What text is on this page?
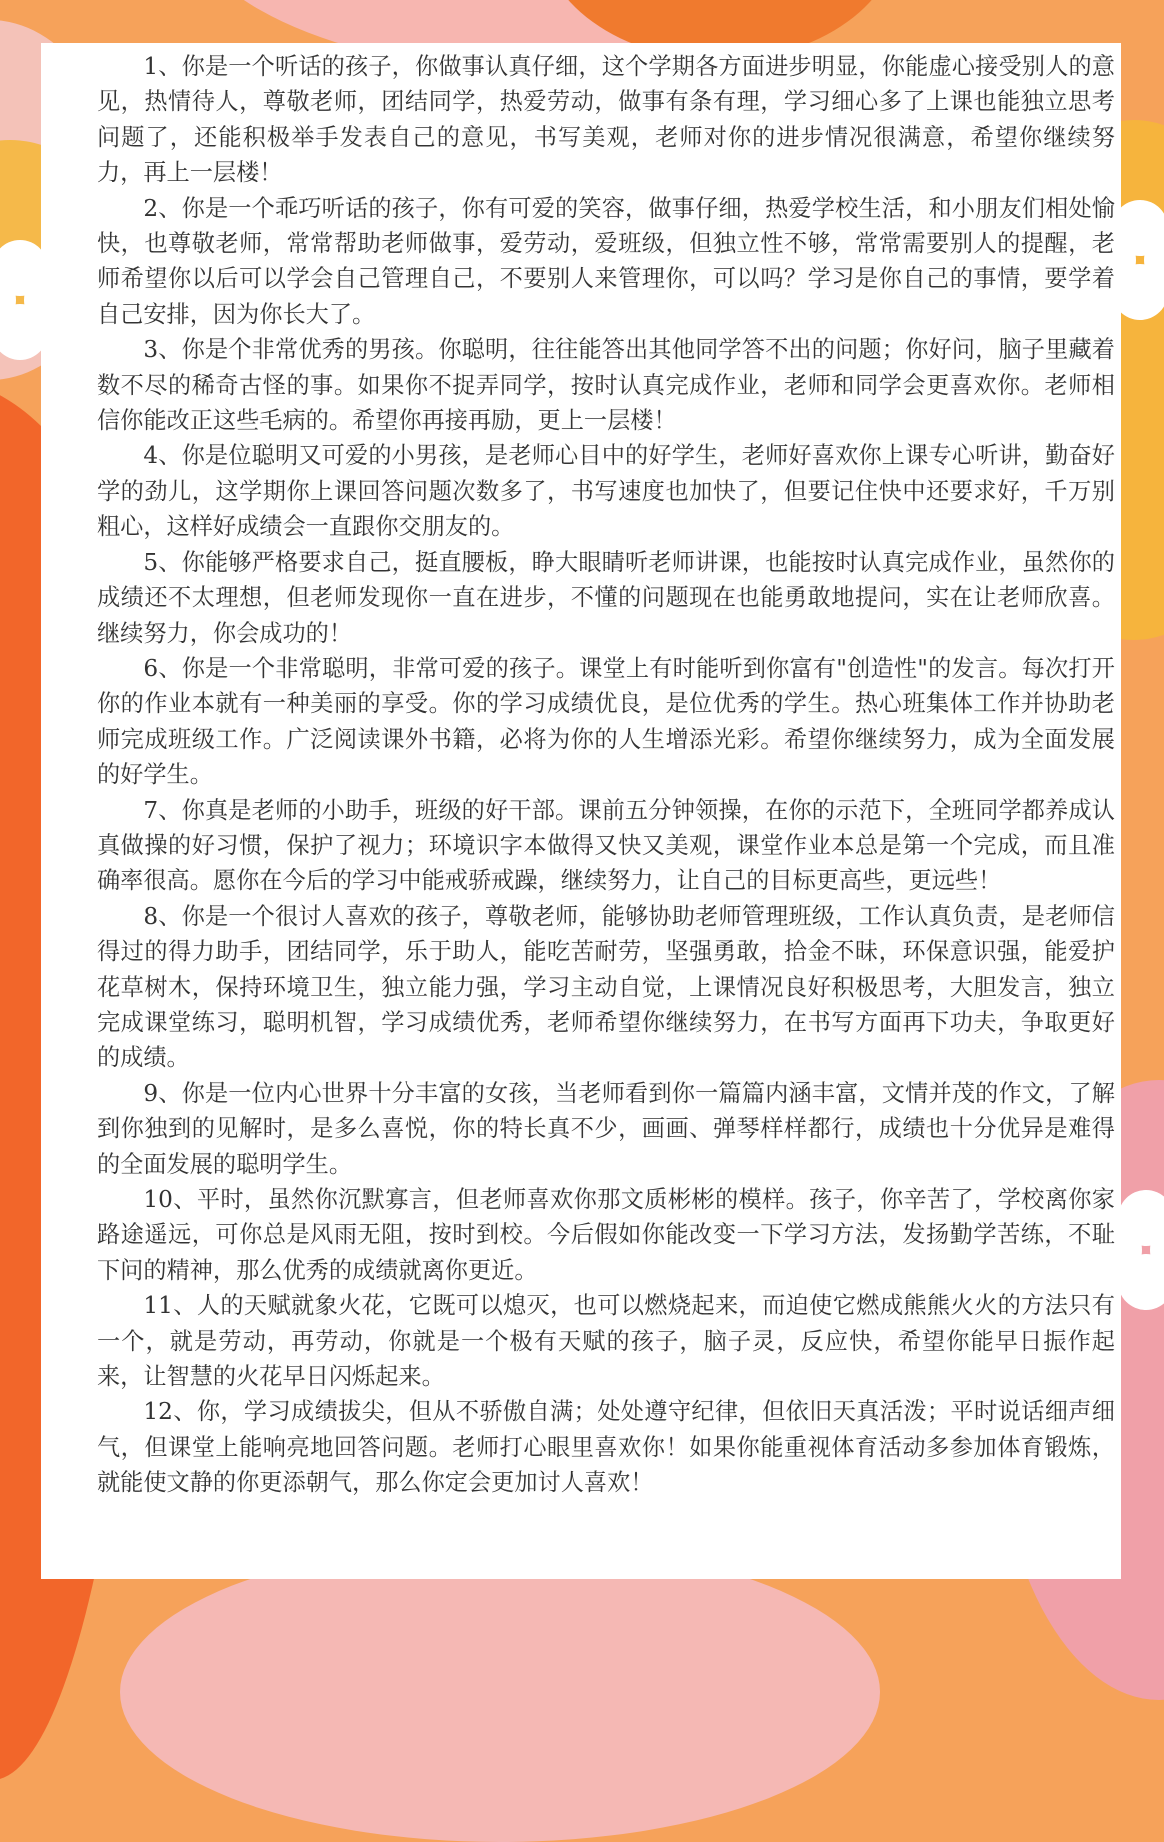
1、你是一个听话的孩子，你做事认真仔细，这个学期各方面进步明显，你能虚心接受别人的意见，热情待人，尊敬老师，团结同学，热爱劳动，做事有条有理，学习细心多了上课也能独立思考问题了，还能积极举手发表自己的意见，书写美观，老师对你的进步情况很满意，希望你继续努力，再上一层楼！

2、你是一个乖巧听话的孩子，你有可爱的笑容，做事仔细，热爱学校生活，和小朋友们相处愉快，也尊敬老师，常常帮助老师做事，爱劳动，爱班级，但独立性不够，常常需要别人的提醒，老师希望你以后可以学会自己管理自己，不要别人来管理你，可以吗？学习是你自己的事情，要学着自己安排，因为你长大了。

3、你是个非常优秀的男孩。你聪明，往往能答出其他同学答不出的问题；你好问，脑子里藏着数不尽的稀奇古怪的事。如果你不捉弄同学，按时认真完成作业，老师和同学会更喜欢你。老师相信你能改正这些毛病的。希望你再接再励，更上一层楼！

4、你是位聪明又可爱的小男孩，是老师心目中的好学生，老师好喜欢你上课专心听讲，勤奋好学的劲儿，这学期你上课回答问题次数多了，书写速度也加快了，但要记住快中还要求好，千万别粗心，这样好成绩会一直跟你交朋友的。

5、你能够严格要求自己，挺直腰板，睁大眼睛听老师讲课，也能按时认真完成作业，虽然你的成绩还不太理想，但老师发现你一直在进步，不懂的问题现在也能勇敢地提问，实在让老师欣喜。继续努力，你会成功的！

6、你是一个非常聪明，非常可爱的孩子。课堂上有时能听到你富有"创造性"的发言。每次打开你的作业本就有一种美丽的享受。你的学习成绩优良，是位优秀的学生。热心班集体工作并协助老师完成班级工作。广泛阅读课外书籍，必将为你的人生增添光彩。希望你继续努力，成为全面发展的好学生。

7、你真是老师的小助手，班级的好干部。课前五分钟领操，在你的示范下，全班同学都养成认真做操的好习惯，保护了视力；环境识字本做得又快又美观，课堂作业本总是第一个完成，而且准确率很高。愿你在今后的学习中能戒骄戒躁，继续努力，让自己的目标更高些，更远些！

8、你是一个很讨人喜欢的孩子，尊敬老师，能够协助老师管理班级，工作认真负责，是老师信得过的得力助手，团结同学，乐于助人，能吃苦耐劳，坚强勇敢，拾金不昧，环保意识强，能爱护花草树木，保持环境卫生，独立能力强，学习主动自觉，上课情况良好积极思考，大胆发言，独立完成课堂练习，聪明机智，学习成绩优秀，老师希望你继续努力，在书写方面再下功夫，争取更好的成绩。

9、你是一位内心世界十分丰富的女孩，当老师看到你一篇篇内涵丰富，文情并茂的作文，了解到你独到的见解时，是多么喜悦，你的特长真不少，画画、弹琴样样都行，成绩也十分优异是难得的全面发展的聪明学生。

10、平时，虽然你沉默寡言，但老师喜欢你那文质彬彬的模样。孩子，你辛苦了，学校离你家路途遥远，可你总是风雨无阻，按时到校。今后假如你能改变一下学习方法，发扬勤学苦练，不耻下问的精神，那么优秀的成绩就离你更近。

11、人的天赋就象火花，它既可以熄灭，也可以燃烧起来，而迫使它燃成熊熊火火的方法只有一个，就是劳动，再劳动，你就是一个极有天赋的孩子，脑子灵，反应快，希望你能早日振作起来，让智慧的火花早日闪烁起来。

12、你，学习成绩拔尖，但从不骄傲自满；处处遵守纪律，但依旧天真活泼；平时说话细声细气，但课堂上能响亮地回答问题。老师打心眼里喜欢你！如果你能重视体育活动多参加体育锻炼，就能使文静的你更添朝气，那么你定会更加讨人喜欢！
